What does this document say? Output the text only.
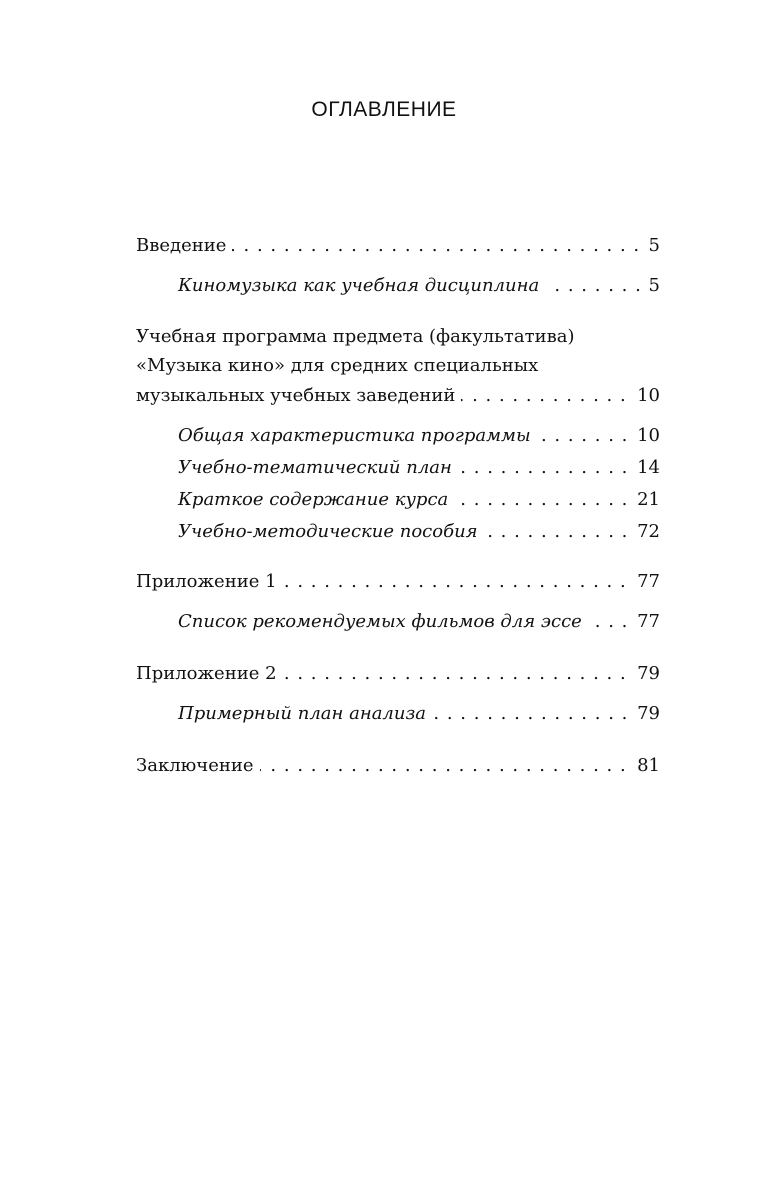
ОГЛАВЛЕНИЕ
. . .
Введение	5
. . .
Киномузыка как учебная дисциплина	5
Учебная программа предмета (факультатива)
«Музыка кино» для средних специальных
. . .
музыкальных учебных заведений	10
. . .
Общая характеристика программы	10
. . .
Учебно-тематический план	14
. . .
Краткое содержание курса	21
. . .
Учебно-методические пособия	72
. . .
Приложение 1	77
. . .
Список рекомендуемых фильмов для эссе	77
. . .
Приложение 2	79
. . .
Примерный план анализа	79
. . .
Заключение	81
